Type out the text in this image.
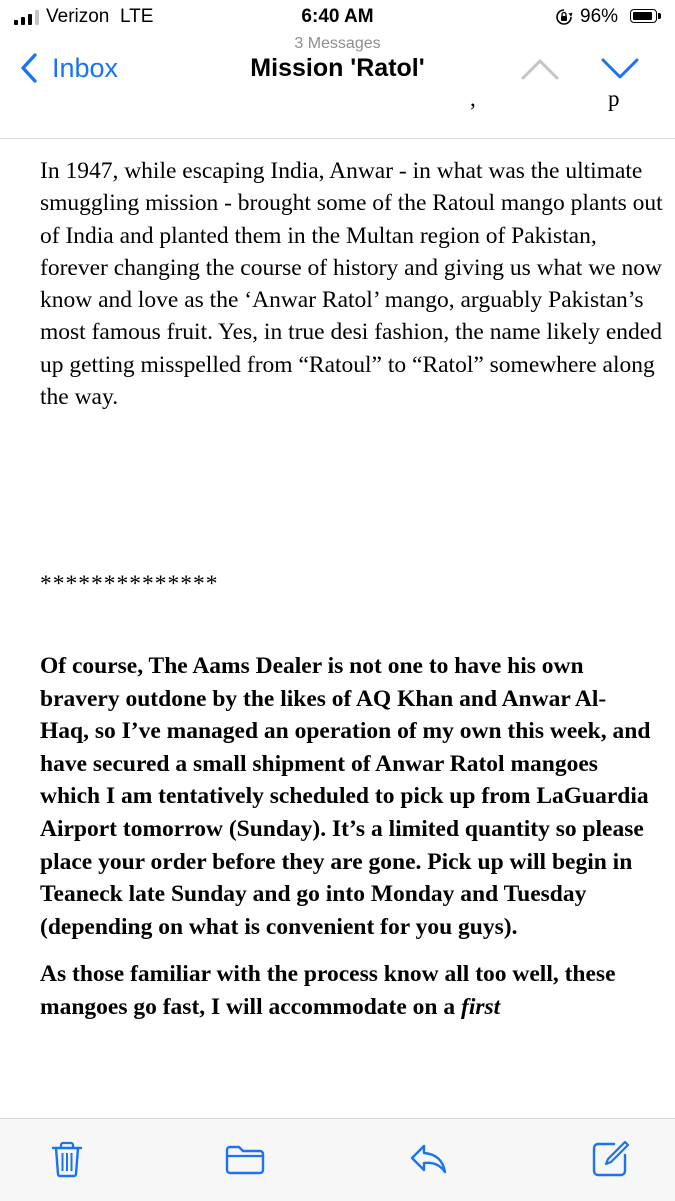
Verizon LTE	6:40 AM	96%
Inbox
3 Messages
Mission 'Ratol'
,                       p

In 1947, while escaping India, Anwar - in what was the ultimate smuggling mission - brought some of the Ratoul mango plants out of India and planted them in the Multan region of Pakistan, forever changing the course of history and giving us what we now know and love as the ‘Anwar Ratol’ mango, arguably Pakistan’s most famous fruit. Yes, in true desi fashion, the name likely ended up getting misspelled from “Ratoul” to “Ratol” somewhere along the way.

**************

Of course, The Aams Dealer is not one to have his own bravery outdone by the likes of AQ Khan and Anwar Al-Haq, so I’ve managed an operation of my own this week, and have secured a small shipment of Anwar Ratol mangoes which I am tentatively scheduled to pick up from LaGuardia Airport tomorrow (Sunday). It’s a limited quantity so please place your order before they are gone. Pick up will begin in Teaneck late Sunday and go into Monday and Tuesday (depending on what is convenient for you guys).

As those familiar with the process know all too well, these mangoes go fast, I will accommodate on a first
